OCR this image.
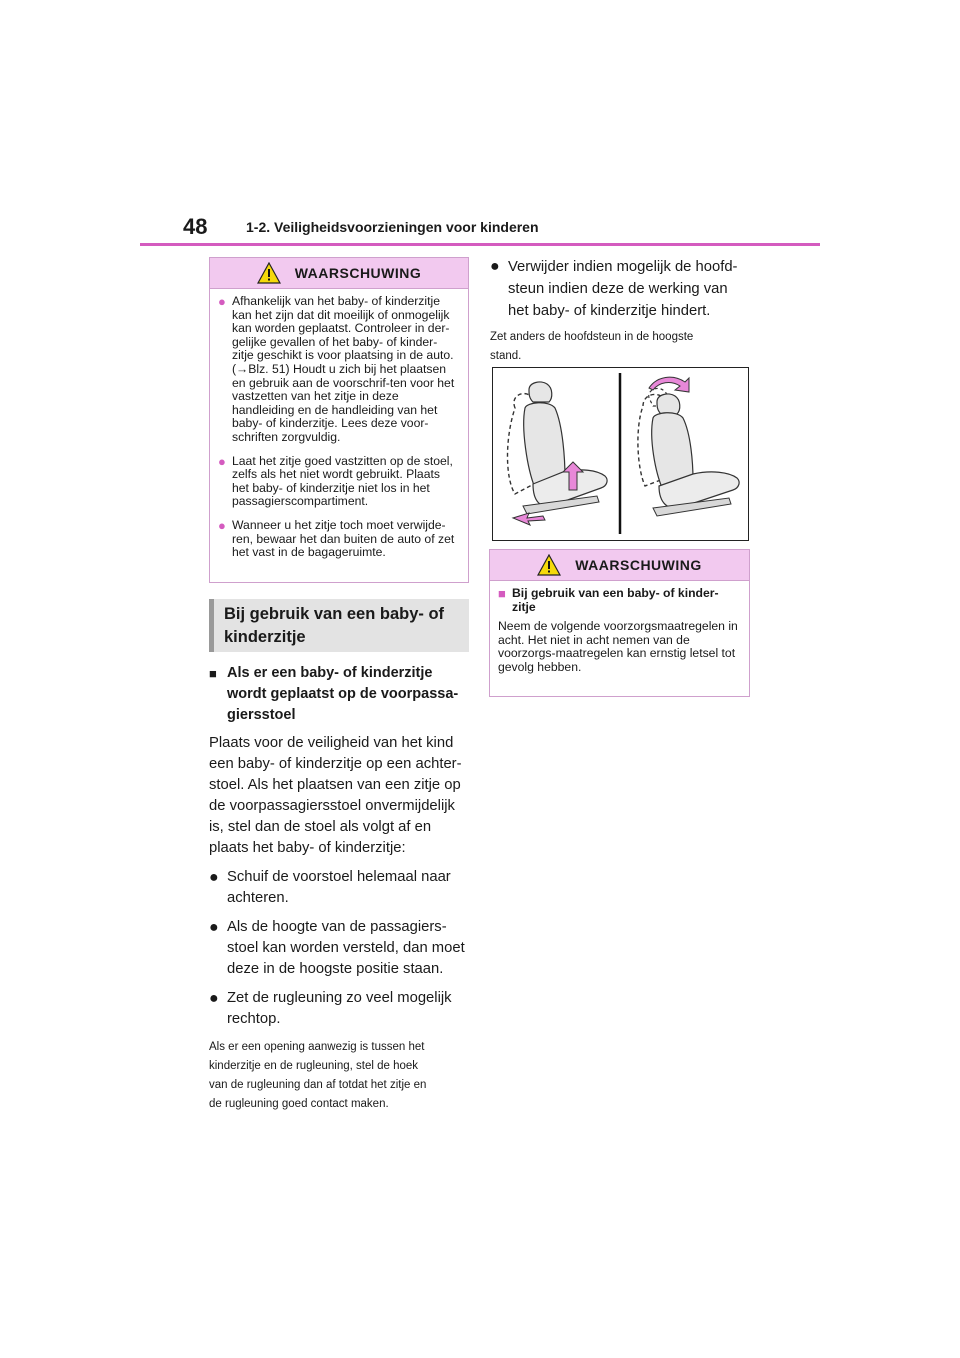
48	1-2. Veiligheidsvoorzieningen voor kinderen
WAARSCHUWING
● Afhankelijk van het baby- of kinderzitje kan het zijn dat dit moeilijk of onmogelijk kan worden geplaatst. Controleer in der-gelijke gevallen of het baby- of kinder-zitje geschikt is voor plaatsing in de auto. (→Blz. 51) Houdt u zich bij het plaatsen en gebruik aan de voorschrif-ten voor het vastzetten van het zitje in deze handleiding en de handleiding van het baby- of kinderzitje. Lees deze voor-schriften zorgvuldig.
● Laat het zitje goed vastzitten op de stoel, zelfs als het niet wordt gebruikt. Plaats het baby- of kinderzitje niet los in het passagierscompartiment.
● Wanneer u het zitje toch moet verwijde-ren, bewaar het dan buiten de auto of zet het vast in de bagageruimte.
Bij gebruik van een baby- of
kinderzitje
■ Als er een baby- of kinderzitje
wordt geplaatst op de voorpassa-
giersstoel
Plaats voor de veiligheid van het kind
een baby- of kinderzitje op een achter-
stoel. Als het plaatsen van een zitje op
de voorpassagiersstoel onvermijdelijk
is, stel dan de stoel als volgt af en
plaats het baby- of kinderzitje:
● Schuif de voorstoel helemaal naar
achteren.
● Als de hoogte van de passagiers-
stoel kan worden versteld, dan moet
deze in de hoogste positie staan.
● Zet de rugleuning zo veel mogelijk
rechtop.
Als er een opening aanwezig is tussen het
kinderzitje en de rugleuning, stel de hoek
van de rugleuning dan af totdat het zitje en
de rugleuning goed contact maken.
● Verwijder indien mogelijk de hoofd-
steun indien deze de werking van
het baby- of kinderzitje hindert.
Zet anders de hoofdsteun in de hoogste
stand.
WAARSCHUWING
■ Bij gebruik van een baby- of kinder-zitje
Neem de volgende voorzorgsmaatregelen in acht. Het niet in acht nemen van de voorzorgs-maatregelen kan ernstig letsel tot gevolg hebben.
